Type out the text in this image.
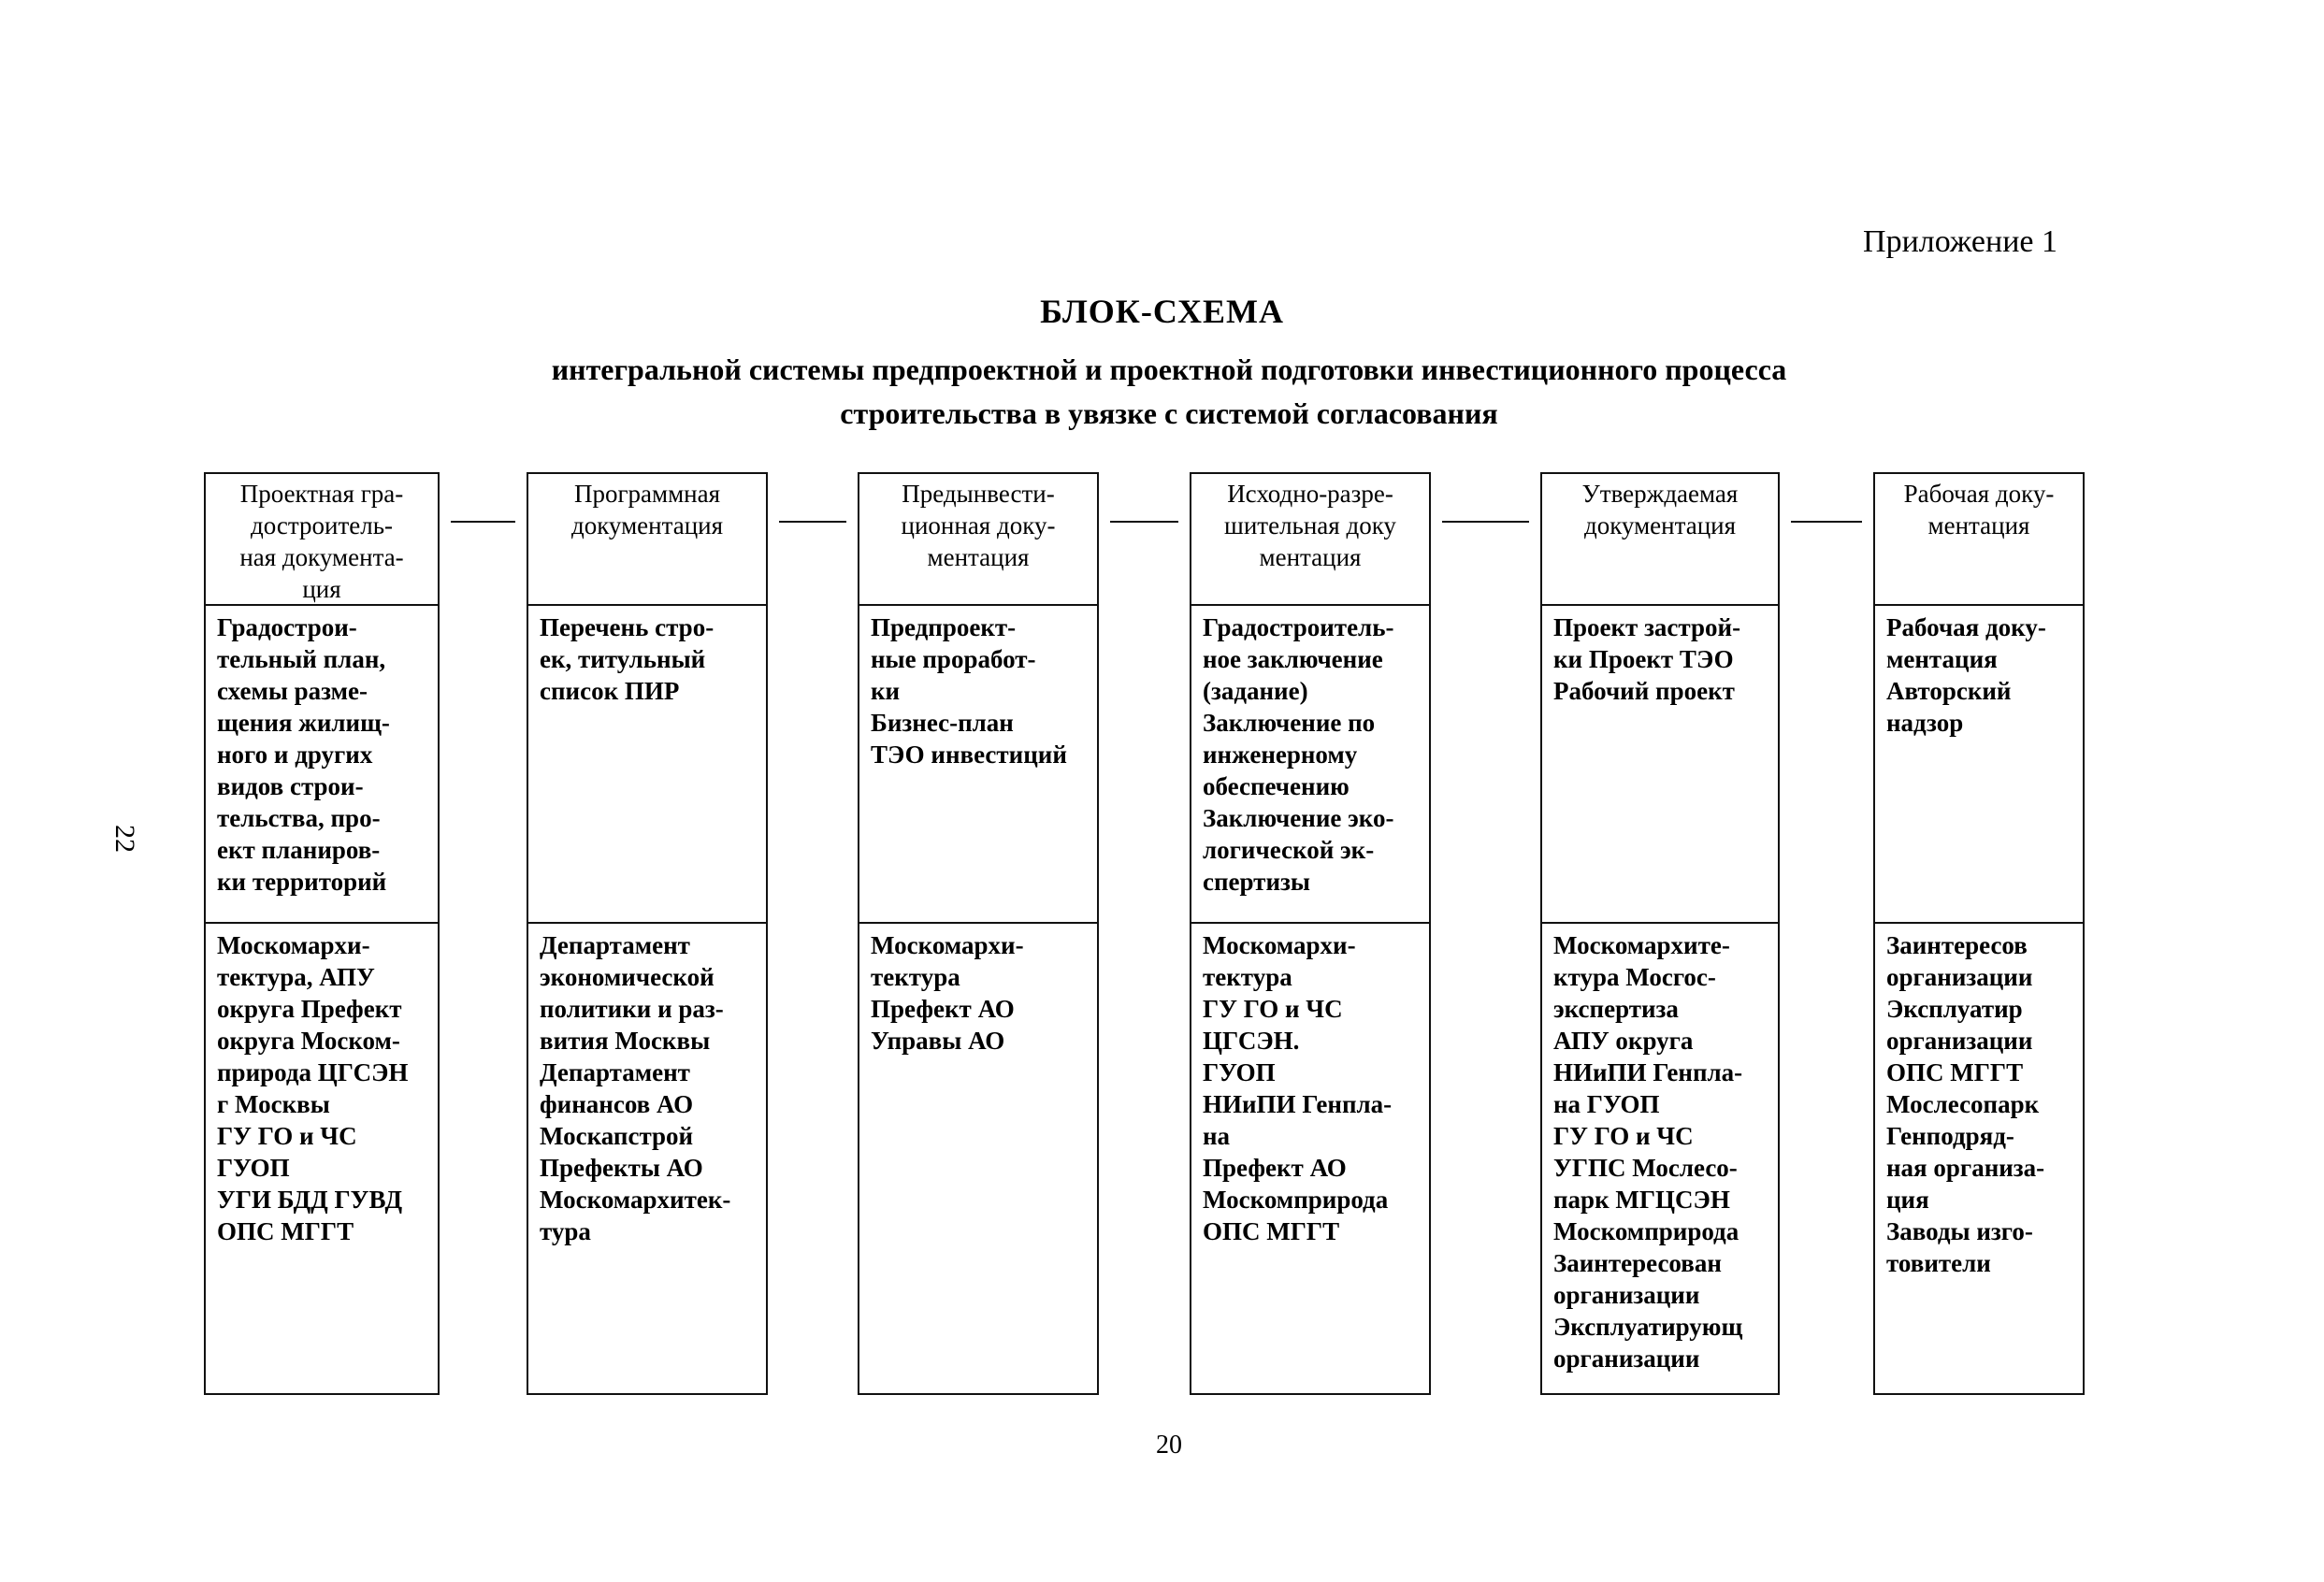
Приложение 1
БЛОК-СХЕМА
интегральной системы предпроектной и проектной подготовки инвестиционного процесса
строительства в увязке с системой согласования
22
Проектная гра-
достроитель-
ная документа-
ция
Градострои-
тельный план,
схемы разме-
щения жилищ-
ного и других
видов строи-
тельства, про-
ект планиров-
ки территорий
Москомархи-
тектура, АПУ
округа Префект
округа Моском-
природа ЦГСЭН
г Москвы
ГУ ГО и ЧС
ГУОП
УГИ БДД ГУВД
ОПС МГГТ
Программная
документация
Перечень стро-
ек, титульный
список ПИР
Департамент
экономической
политики и раз-
вития Москвы
Департамент
финансов АО
Москапстрой
Префекты АО
Москомархитек-
тура
Предынвести-
ционная доку-
ментация
Предпроект-
ные проработ-
ки
Бизнес-план
ТЭО инвестиций
Москомархи-
тектура
Префект АО
Управы АО
Исходно-разре-
шительная доку
ментация
Градостроитель-
ное заключение
(задание)
Заключение по
инженерному
обеспечению
Заключение эко-
логической эк-
спертизы
Москомархи-
тектура
ГУ ГО и ЧС
ЦГСЭН.
ГУОП
НИиПИ Генпла-
на
Префект АО
Москомприрода
ОПС МГГТ
Утверждаемая
документация
Проект застрой-
ки Проект ТЭО
Рабочий проект
Москомархите-
ктура Мосгос-
экспертиза
АПУ округа
НИиПИ Генпла-
на ГУОП
ГУ ГО и ЧС
УГПС Мослесо-
парк МГЦСЭН
Москомприрода
Заинтересован
организации
Эксплуатирующ
организации
Рабочая доку-
ментация
Рабочая доку-
ментация
Авторский
надзор
Заинтересов
организации
Эксплуатир
организации
ОПС МГГТ
Мослесопарк
Генподряд-
ная организа-
ция
Заводы изго-
товители
20
